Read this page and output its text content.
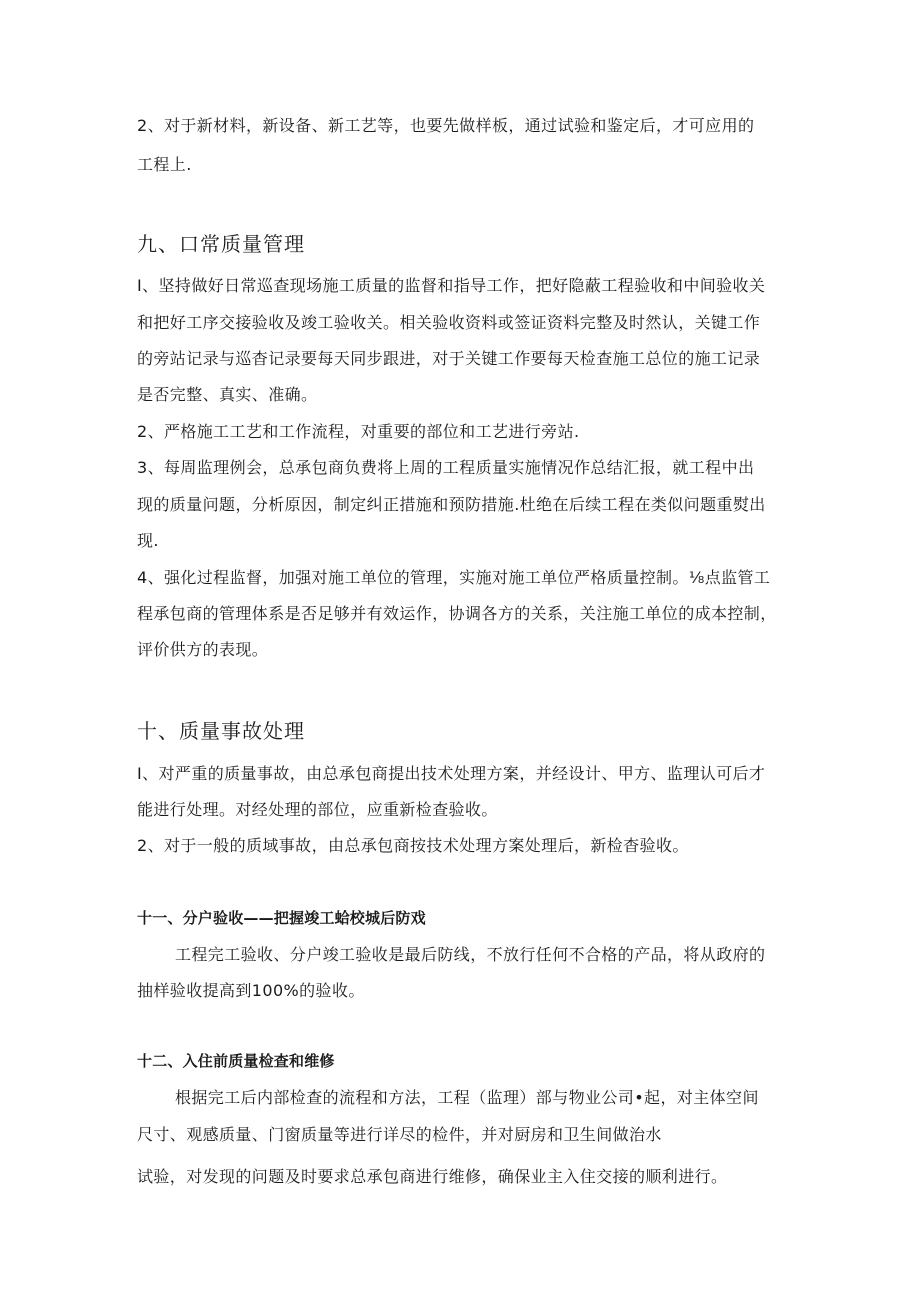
2、对于新材料，新设备、新工艺等，也要先做样板，通过试验和鉴定后，才可应用的
工程上.
九、口常质量管理
I、坚持做好日常巡查现场施工质量的监督和指导工作，把好隐蔽工程验收和中间验收关
和把好工序交接验收及竣工验收关。相关验收资料或签证资料完整及时然认，关键工作
的旁站记录与巡杳记录要每天同步跟进，对于关键工作要每天检查施工总位的施工记录
是否完整、真实、准确。
2、严格施工工艺和工作流程，对重要的部位和工艺进行旁站.
3、每周监理例会，总承包商负费将上周的工程质量实施情况作总结汇报，就工程中出
现的质量问题，分析原因，制定纠正措施和预防措施.杜绝在后续工程在类似问题重熨出
现.
4、强化过程监督，加强对施工单位的管理，实施对施工单位严格质量控制。⅛点监管工
程承包商的管理体系是否足够并有效运作，协调各方的关系，关注施工单位的成本控制，
评价供方的表现。
十、质量事故处理
I、对严重的质量事故，由总承包商提出技术处理方案，并经设计、甲方、监理认可后才
能进行处理。对经处理的部位，应重新检查验收。
2、对于一般的质域事故，由总承包商按技术处理方案处理后，新检杳验收。
十一、分户验收——把握竣工蛤校城后防戏
工程完工验收、分户竣工验收是最后防线，不放行任何不合格的产品，将从政府的
抽样验收提高到100%的验收。
十二、入住前质量检查和维修
根据完工后内部检查的流程和方法，工程（监理）部与物业公司•起，对主体空间
尺寸、观感质量、门窗质量等进行详尽的检件，并对厨房和卫生间做治水
试验，对发现的问题及时要求总承包商进行维修，确保业主入住交接的顺利进行。
